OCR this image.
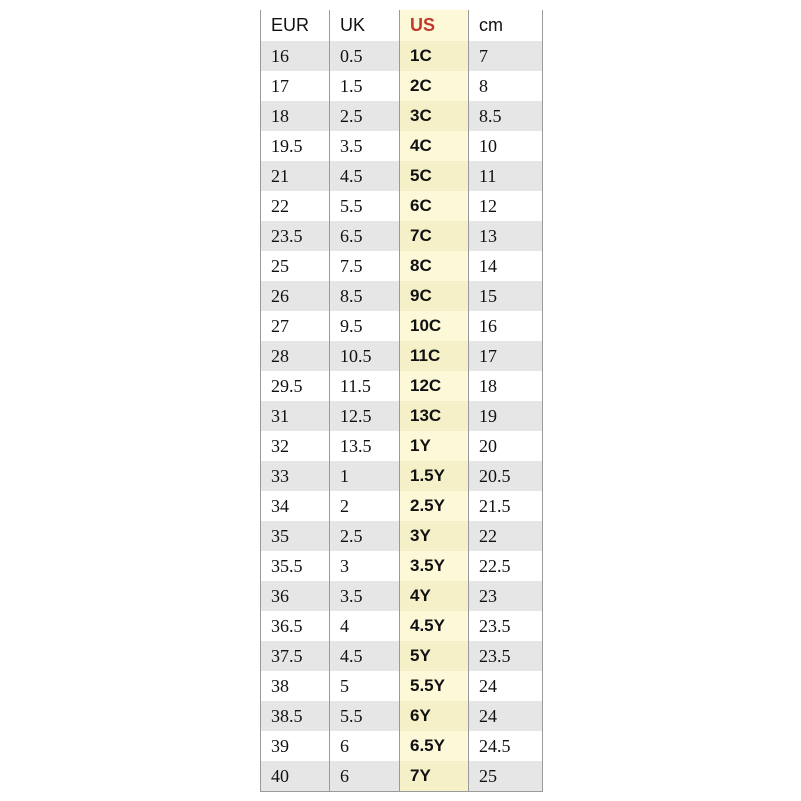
EUR	UK	US	cm
16	0.5	1C	7
17	1.5	2C	8
18	2.5	3C	8.5
19.5	3.5	4C	10
21	4.5	5C	11
22	5.5	6C	12
23.5	6.5	7C	13
25	7.5	8C	14
26	8.5	9C	15
27	9.5	10C	16
28	10.5	11C	17
29.5	11.5	12C	18
31	12.5	13C	19
32	13.5	1Y	20
33	1	1.5Y	20.5
34	2	2.5Y	21.5
35	2.5	3Y	22
35.5	3	3.5Y	22.5
36	3.5	4Y	23
36.5	4	4.5Y	23.5
37.5	4.5	5Y	23.5
38	5	5.5Y	24
38.5	5.5	6Y	24
39	6	6.5Y	24.5
40	6	7Y	25
